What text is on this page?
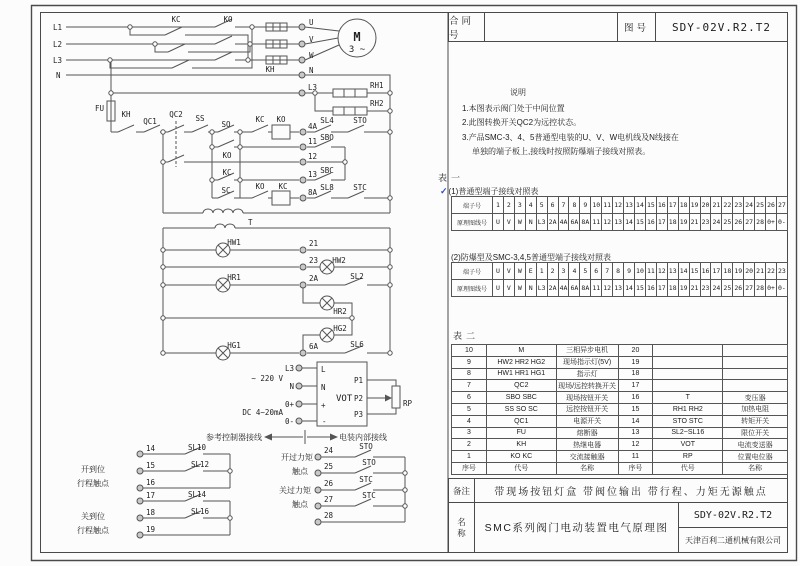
L1
L2
L3
N
KC	KO	U
V
W
N
KH
M
3 ~
L3	RH1
RH2
FU
KH
QC1
QC2 SS
SO
KC KO
4A
SL4	STO
11 SBO
KO	12
KC	13 SBC
SC	KO KC
8A
SL8	STC
T
HW1	21
23 HW2
HR1	2A	SL2
HR2
HG2
HG1	6A	SL6
L3
~ 220 V
N
0+
DC 4~20mA
0-
L
N
VOT
+
-
P1
P2
P3
RP
参考控制器接线	电装内部接线
开到位
行程触点
14
15
16
SL10
SL12
关到位
行程触点
17
18
19
SL14
SL16
开过力矩
触点
24
25
STO
STO
关过力矩
触点
26
27
28
STC
STC
合同号
图号	SDY-02V.R2.T2
说明
1.本图表示阀门处于中间位置
2.此图转换开关QC2为远控状态。
3.产品SMC-3、4、5普通型电装的U、V、W电机线及N线接在
单独的端子板上,接线时按照防爆端子接线对照表。
表一
✓(1)普通型端子接线对照表
端子号	1	2	3	4	5	6	7	8	9 10 11 12 13 14 15 16 17 18 19 20 21 22 23 24 25 26 27
原理图线号	U	V	W	N L3 2A 4A 6A 8A 11 12 13 14 15 16 17 18 19 21 23 24 25 26 27 28 0+ 0-
(2)防爆型及SMC-3,4,5普通型端子接线对照表
端子号	U	V	W	E	1	2	3	4	5	6	7	8	9 10 11 12 13 14 15 16 17 18 19 20 21 22 23
原理图线号	U	V	W	N L3 2A 4A 6A 8A 11 12 13 14 15 16 17 18 19 21 23 24 25 26 27 28 0+ 0-
表二
10	M	三相异步电机	20
9	HW2 HR2 HG2	现场指示灯(5V)	19
8	HW1 HR1 HG1	指示灯	18
7	QC2	现场/远控转换开关	17
6	SBO SBC	现场按钮开关	16	T	变压器
5	SS SO SC	远控按钮开关	15	RH1 RH2	加热电阻
4	QC1	电源开关	14	STO STC	转矩开关
3	FU	熔断器	13	SL2~SL16	限位开关
2	KH	热继电器	12	VOT	电流变送器
1	KO KC	交流接触器	11	RP	位置电位器
序号	代号	名称	序号	代号	名称
备注	带现场按钮灯盒 带阀位输出 带行程、力矩无源触点
名
称	SMC系列阀门电动装置电气原理图
SDY-02V.R2.T2
天津百利二通机械有限公司
